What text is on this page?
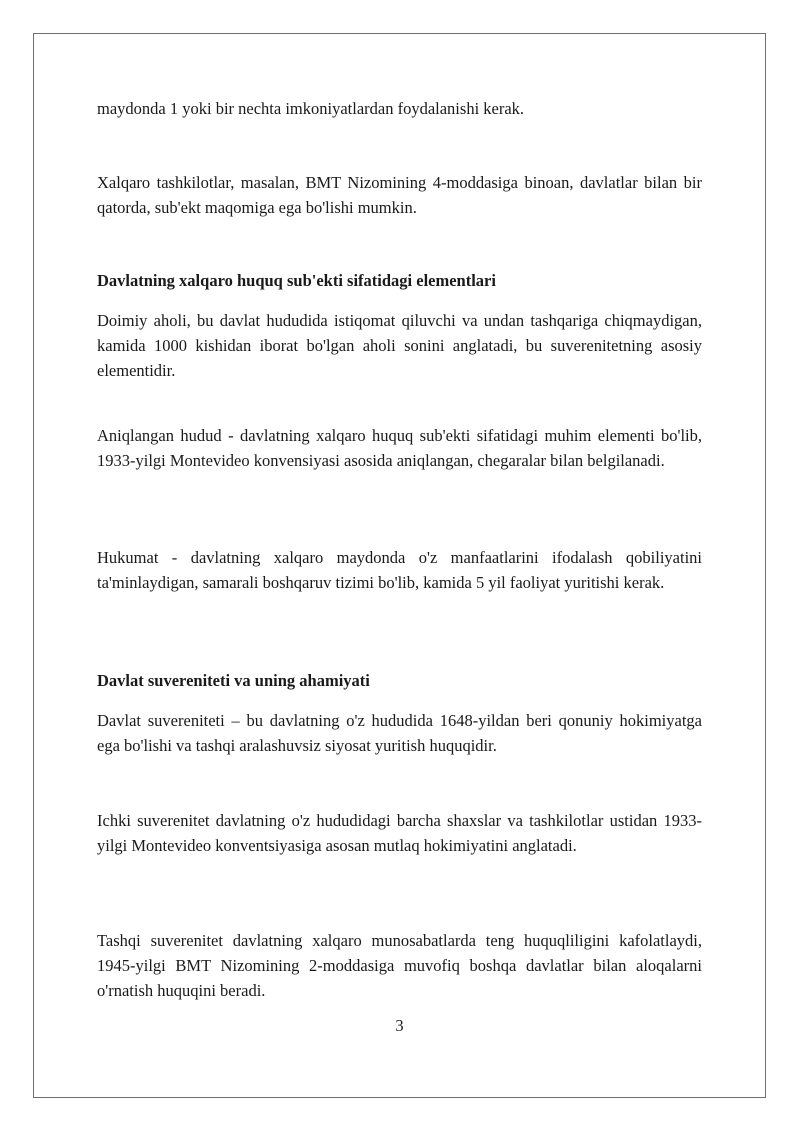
maydonda 1 yoki bir nechta imkoniyatlardan foydalanishi kerak.

Xalqaro tashkilotlar, masalan, BMT Nizomining 4-moddasiga binoan, davlatlar bilan bir qatorda, sub'ekt maqomiga ega bo'lishi mumkin.

Davlatning xalqaro huquq sub'ekti sifatidagi elementlari

Doimiy aholi, bu davlat hududida istiqomat qiluvchi va undan tashqariga chiqmaydigan, kamida 1000 kishidan iborat bo'lgan aholi sonini anglatadi, bu suverenitetning asosiy elementidir.

Aniqlangan hudud - davlatning xalqaro huquq sub'ekti sifatidagi muhim elementi bo'lib, 1933-yilgi Montevideo konvensiyasi asosida aniqlangan, chegaralar bilan belgilanadi.

Hukumat - davlatning xalqaro maydonda o'z manfaatlarini ifodalash qobiliyatini ta'minlaydigan, samarali boshqaruv tizimi bo'lib, kamida 5 yil faoliyat yuritishi kerak.

Davlat suvereniteti va uning ahamiyati

Davlat suvereniteti – bu davlatning o'z hududida 1648-yildan beri qonuniy hokimiyatga ega bo'lishi va tashqi aralashuvsiz siyosat yuritish huquqidir.

Ichki suverenitet davlatning o'z hududidagi barcha shaxslar va tashkilotlar ustidan 1933-yilgi Montevideo konventsiyasiga asosan mutlaq hokimiyatini anglatadi.

Tashqi suverenitet davlatning xalqaro munosabatlarda teng huquqliligini kafolatlaydi, 1945-yilgi BMT Nizomining 2-moddasiga muvofiq boshqa davlatlar bilan aloqalarni o'rnatish huquqini beradi.

3
